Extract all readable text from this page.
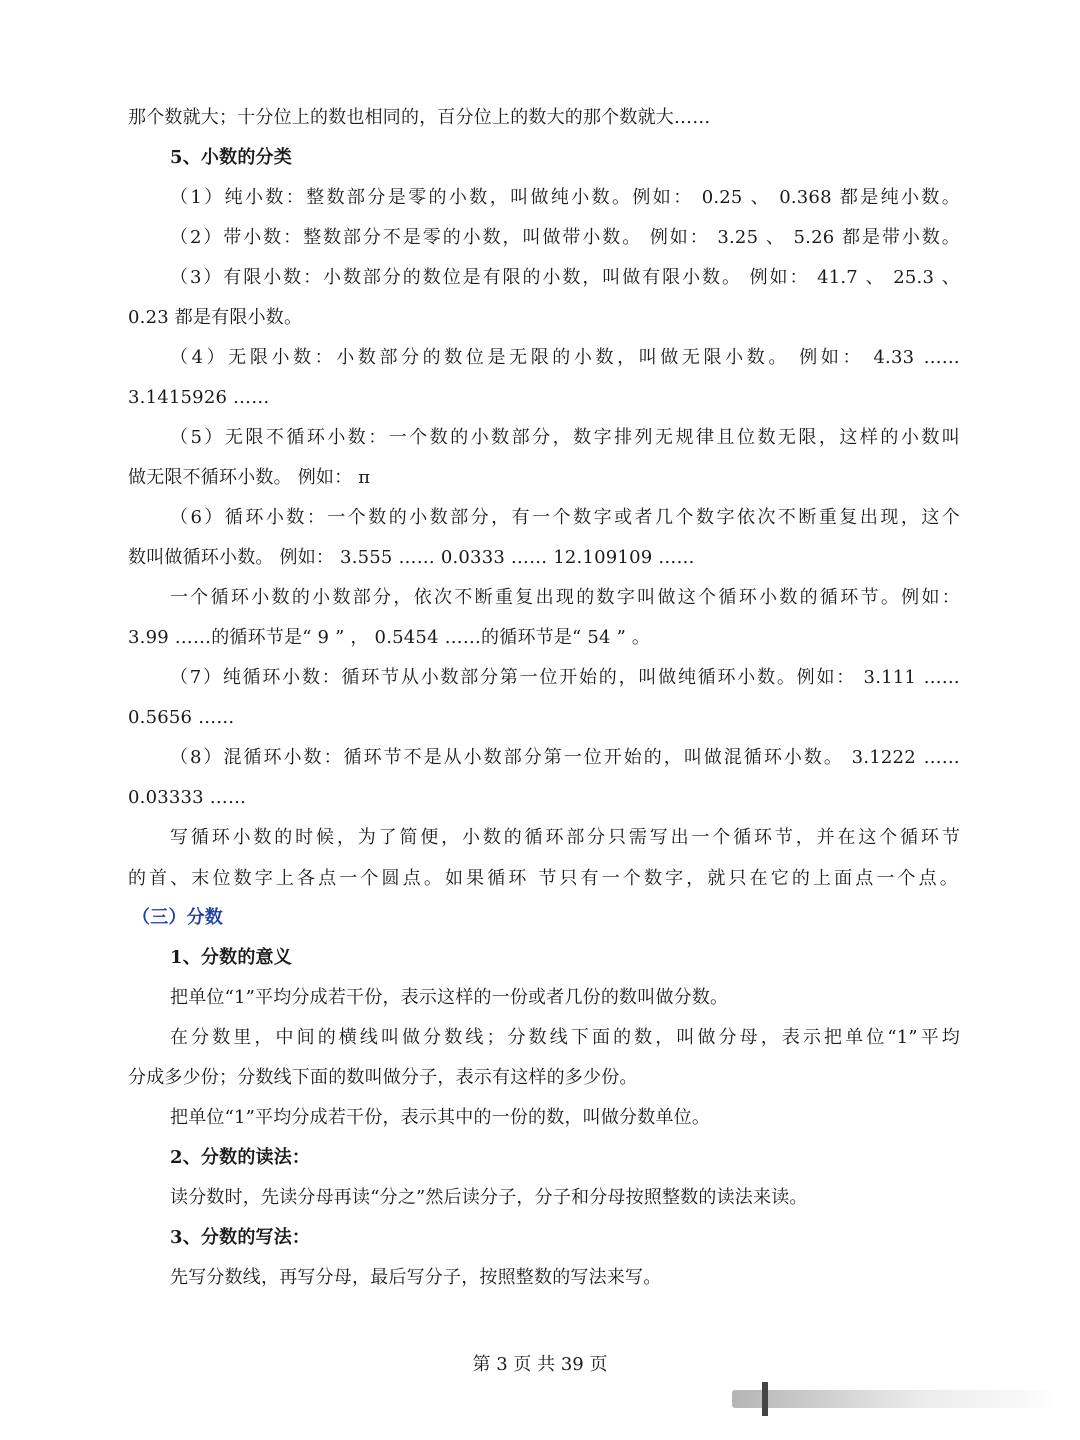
那个数就大；十分位上的数也相同的，百分位上的数大的那个数就大……
5、小数的分类
（1）纯小数：整数部分是零的小数，叫做纯小数。例如： 0.25 、 0.368 都是纯小数。
（2）带小数：整数部分不是零的小数，叫做带小数。 例如： 3.25 、 5.26 都是带小数。
（3）有限小数：小数部分的数位是有限的小数，叫做有限小数。 例如： 41.7 、 25.3 、
0.23 都是有限小数。
（4）无限小数：小数部分的数位是无限的小数，叫做无限小数。 例如： 4.33 ……
3.1415926 ……
（5）无限不循环小数：一个数的小数部分，数字排列无规律且位数无限，这样的小数叫
做无限不循环小数。 例如： π
（6）循环小数：一个数的小数部分，有一个数字或者几个数字依次不断重复出现，这个
数叫做循环小数。 例如： 3.555 …… 0.0333 …… 12.109109 ……
一个循环小数的小数部分，依次不断重复出现的数字叫做这个循环小数的循环节。例如：
3.99 ……的循环节是“ 9 ” ， 0.5454 ……的循环节是“ 54 ” 。
（7）纯循环小数：循环节从小数部分第一位开始的，叫做纯循环小数。例如： 3.111 ……
0.5656 ……
（8）混循环小数：循环节不是从小数部分第一位开始的，叫做混循环小数。 3.1222 ……
0.03333 ……
写循环小数的时候，为了简便，小数的循环部分只需写出一个循环节，并在这个循环节
的首、末位数字上各点一个圆点。如果循环 节只有一个数字，就只在它的上面点一个点。
（三）分数
1、分数的意义
把单位“1”平均分成若干份，表示这样的一份或者几份的数叫做分数。
在分数里，中间的横线叫做分数线；分数线下面的数，叫做分母，表示把单位“1”平均
分成多少份；分数线下面的数叫做分子，表示有这样的多少份。
把单位“1”平均分成若干份，表示其中的一份的数，叫做分数单位。
2、分数的读法：
读分数时，先读分母再读“分之”然后读分子，分子和分母按照整数的读法来读。
3、分数的写法：
先写分数线，再写分母，最后写分子，按照整数的写法来写。
第 3 页 共 39 页
